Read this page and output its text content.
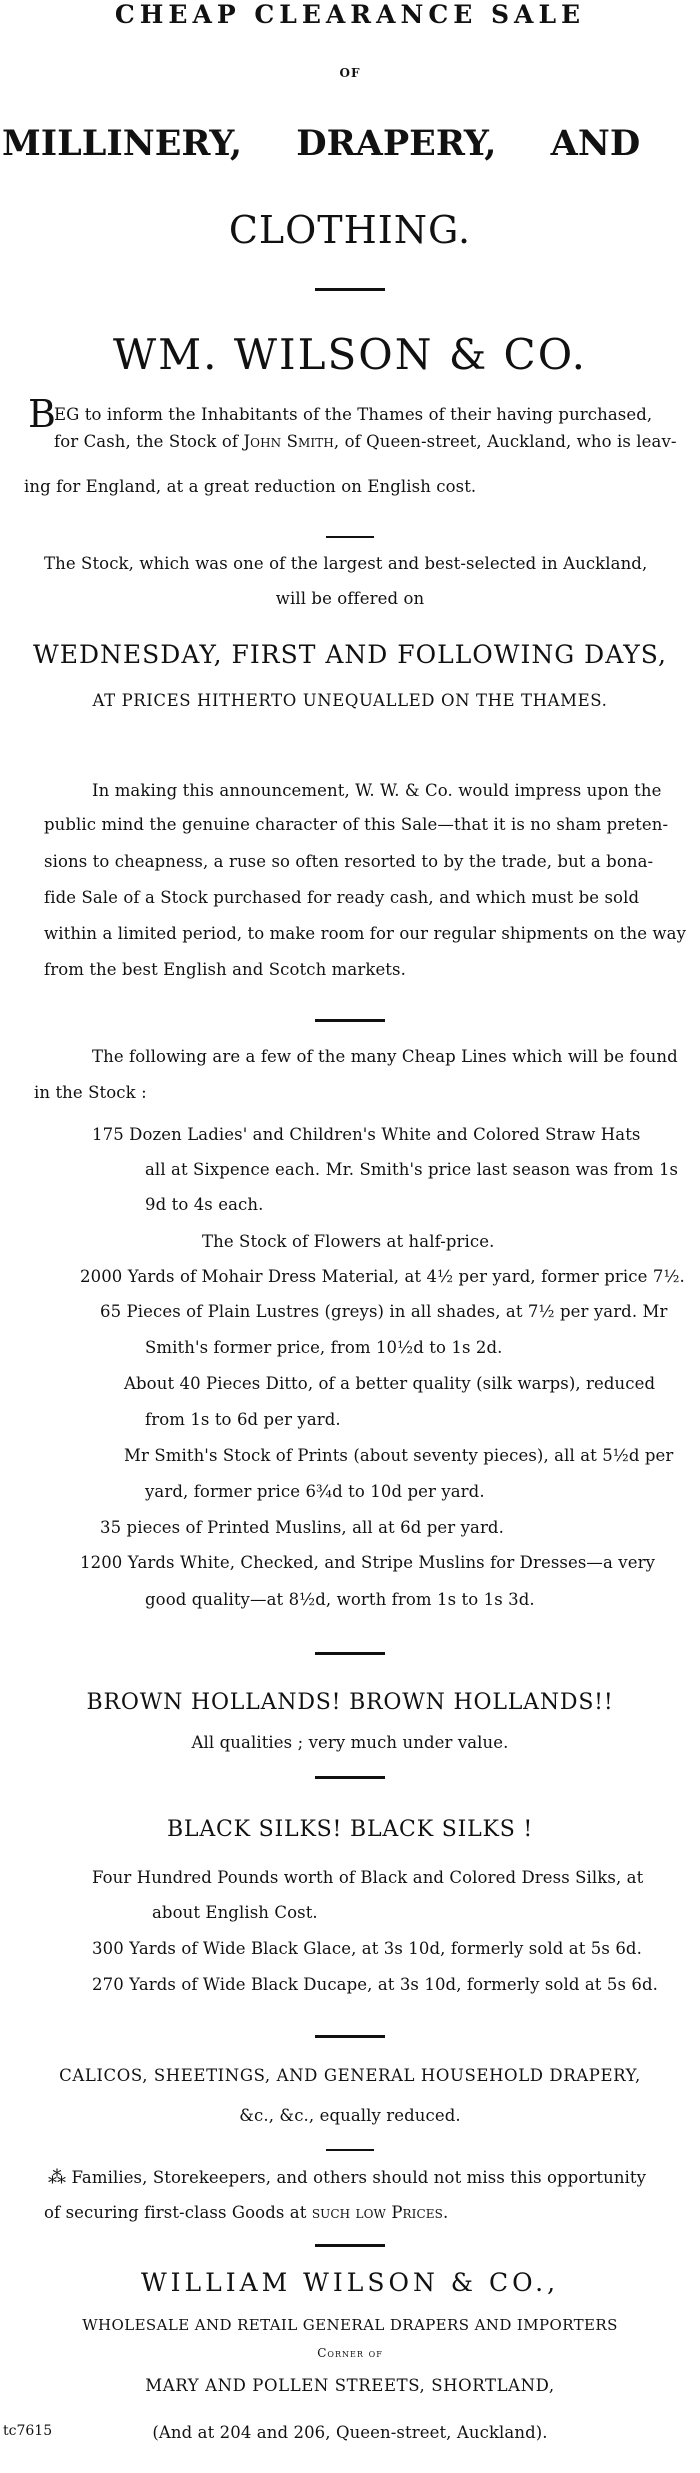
CHEAP CLEARANCE SALE
OF
MILLINERY, DRAPERY, AND
CLOTHING.
WM. WILSON & CO.
B
EG to inform the Inhabitants of the Thames of their having purchased,
for Cash, the Stock of John Smith, of Queen-street, Auckland, who is leav-
ing for England, at a great reduction on English cost.
The Stock, which was one of the largest and best-selected in Auckland,
will be offered on
WEDNESDAY, FIRST AND FOLLOWING DAYS,
AT PRICES HITHERTO UNEQUALLED ON THE THAMES.
In making this announcement, W. W. & Co. would impress upon the
public mind the genuine character of this Sale—that it is no sham preten-
sions to cheapness, a ruse so often resorted to by the trade, but a bona-
fide Sale of a Stock purchased for ready cash, and which must be sold
within a limited period, to make room for our regular shipments on the way
from the best English and Scotch markets.
The following are a few of the many Cheap Lines which will be found
in the Stock :
175 Dozen Ladies' and Children's White and Colored Straw Hats
all at Sixpence each. Mr. Smith's price last season was from 1s
9d to 4s each.
The Stock of Flowers at half-price.
2000 Yards of Mohair Dress Material, at 4½ per yard, former price 7½.
65 Pieces of Plain Lustres (greys) in all shades, at 7½ per yard. Mr
Smith's former price, from 10½d to 1s 2d.
About 40 Pieces Ditto, of a better quality (silk warps), reduced
from 1s to 6d per yard.
Mr Smith's Stock of Prints (about seventy pieces), all at 5½d per
yard, former price 6¾d to 10d per yard.
35 pieces of Printed Muslins, all at 6d per yard.
1200 Yards White, Checked, and Stripe Muslins for Dresses—a very
good quality—at 8½d, worth from 1s to 1s 3d.
BROWN HOLLANDS! BROWN HOLLANDS!!
All qualities ; very much under value.
BLACK SILKS! BLACK SILKS !
Four Hundred Pounds worth of Black and Colored Dress Silks, at
about English Cost.
300 Yards of Wide Black Glace, at 3s 10d, formerly sold at 5s 6d.
270 Yards of Wide Black Ducape, at 3s 10d, formerly sold at 5s 6d.
CALICOS, SHEETINGS, AND GENERAL HOUSEHOLD DRAPERY,
&c., &c., equally reduced.
⁂ Families, Storekeepers, and others should not miss this opportunity
of securing first-class Goods at such low Prices.
WILLIAM WILSON & CO.,
WHOLESALE AND RETAIL GENERAL DRAPERS AND IMPORTERS
Corner of
MARY AND POLLEN STREETS, SHORTLAND,
tc7615	(And at 204 and 206, Queen-street, Auckland).
